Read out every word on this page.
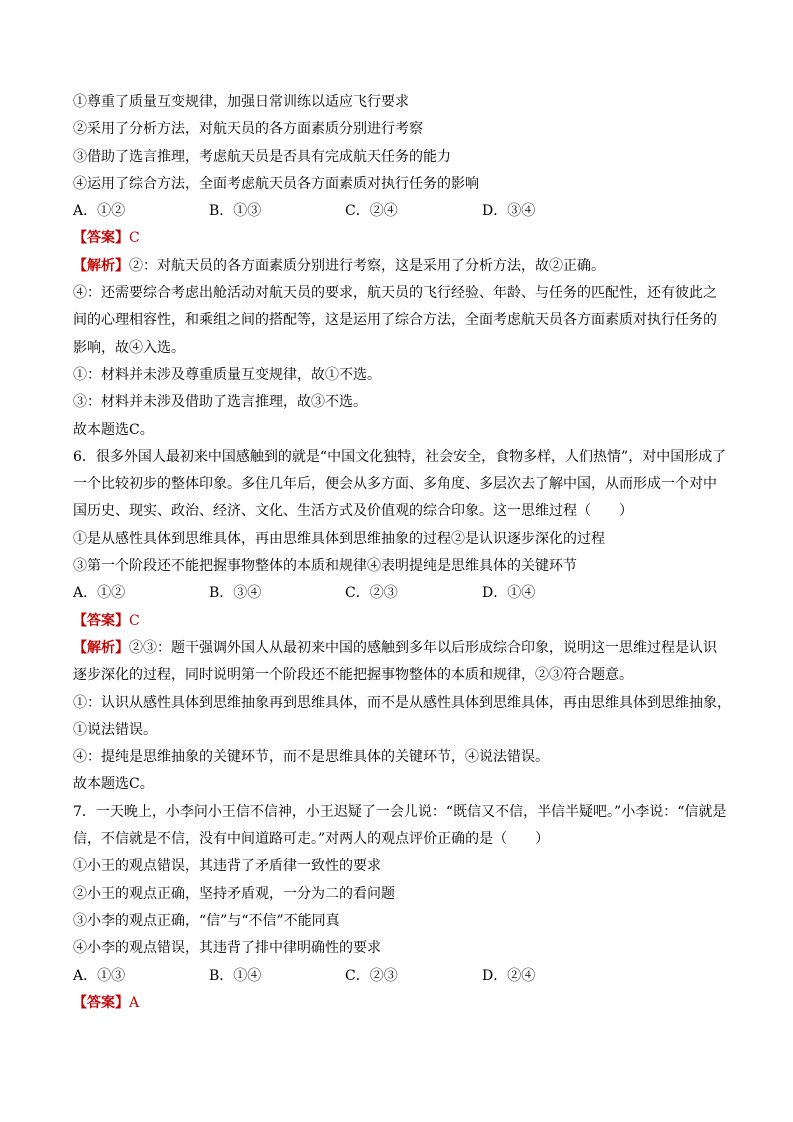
①尊重了质量互变规律，加强日常训练以适应飞行要求
②采用了分析方法，对航天员的各方面素质分别进行考察
③借助了选言推理，考虑航天员是否具有完成航天任务的能力
④运用了综合方法，全面考虑航天员各方面素质对执行任务的影响
A．①②	B．①③	C．②④	D．③④
【答案】C
【解析】②：对航天员的各方面素质分别进行考察，这是采用了分析方法，故②正确。
④：还需要综合考虑出舱活动对航天员的要求，航天员的飞行经验、年龄、与任务的匹配性，还有彼此之
间的心理相容性，和乘组之间的搭配等，这是运用了综合方法，全面考虑航天员各方面素质对执行任务的
影响，故④入选。
①：材料并未涉及尊重质量互变规律，故①不选。
③：材料并未涉及借助了选言推理，故③不选。
故本题选C。
6．很多外国人最初来中国感触到的就是“中国文化独特，社会安全，食物多样，人们热情”，对中国形成了
一个比较初步的整体印象。多住几年后，便会从多方面、多角度、多层次去了解中国，从而形成一个对中
国历史、现实、政治、经济、文化、生活方式及价值观的综合印象。这一思维过程（　　）
①是从感性具体到思维具体，再由思维具体到思维抽象的过程②是认识逐步深化的过程
③第一个阶段还不能把握事物整体的本质和规律④表明提纯是思维具体的关键环节
A．①②	B．③④	C．②③	D．①④
【答案】C
【解析】②③：题干强调外国人从最初来中国的感触到多年以后形成综合印象，说明这一思维过程是认识
逐步深化的过程，同时说明第一个阶段还不能把握事物整体的本质和规律，②③符合题意。
①：认识从感性具体到思维抽象再到思维具体，而不是从感性具体到思维具体，再由思维具体到思维抽象，
①说法错误。
④：提纯是思维抽象的关键环节，而不是思维具体的关键环节，④说法错误。
故本题选C。
7．一天晚上，小李问小王信不信神，小王迟疑了一会儿说：“既信又不信，半信半疑吧。”小李说：“信就是
信，不信就是不信，没有中间道路可走。”对两人的观点评价正确的是（　　）
①小王的观点错误，其违背了矛盾律一致性的要求
②小王的观点正确，坚持矛盾观，一分为二的看问题
③小李的观点正确，“信”与“不信”不能同真
④小李的观点错误，其违背了排中律明确性的要求
A．①③	B．①④	C．②③	D．②④
【答案】A
